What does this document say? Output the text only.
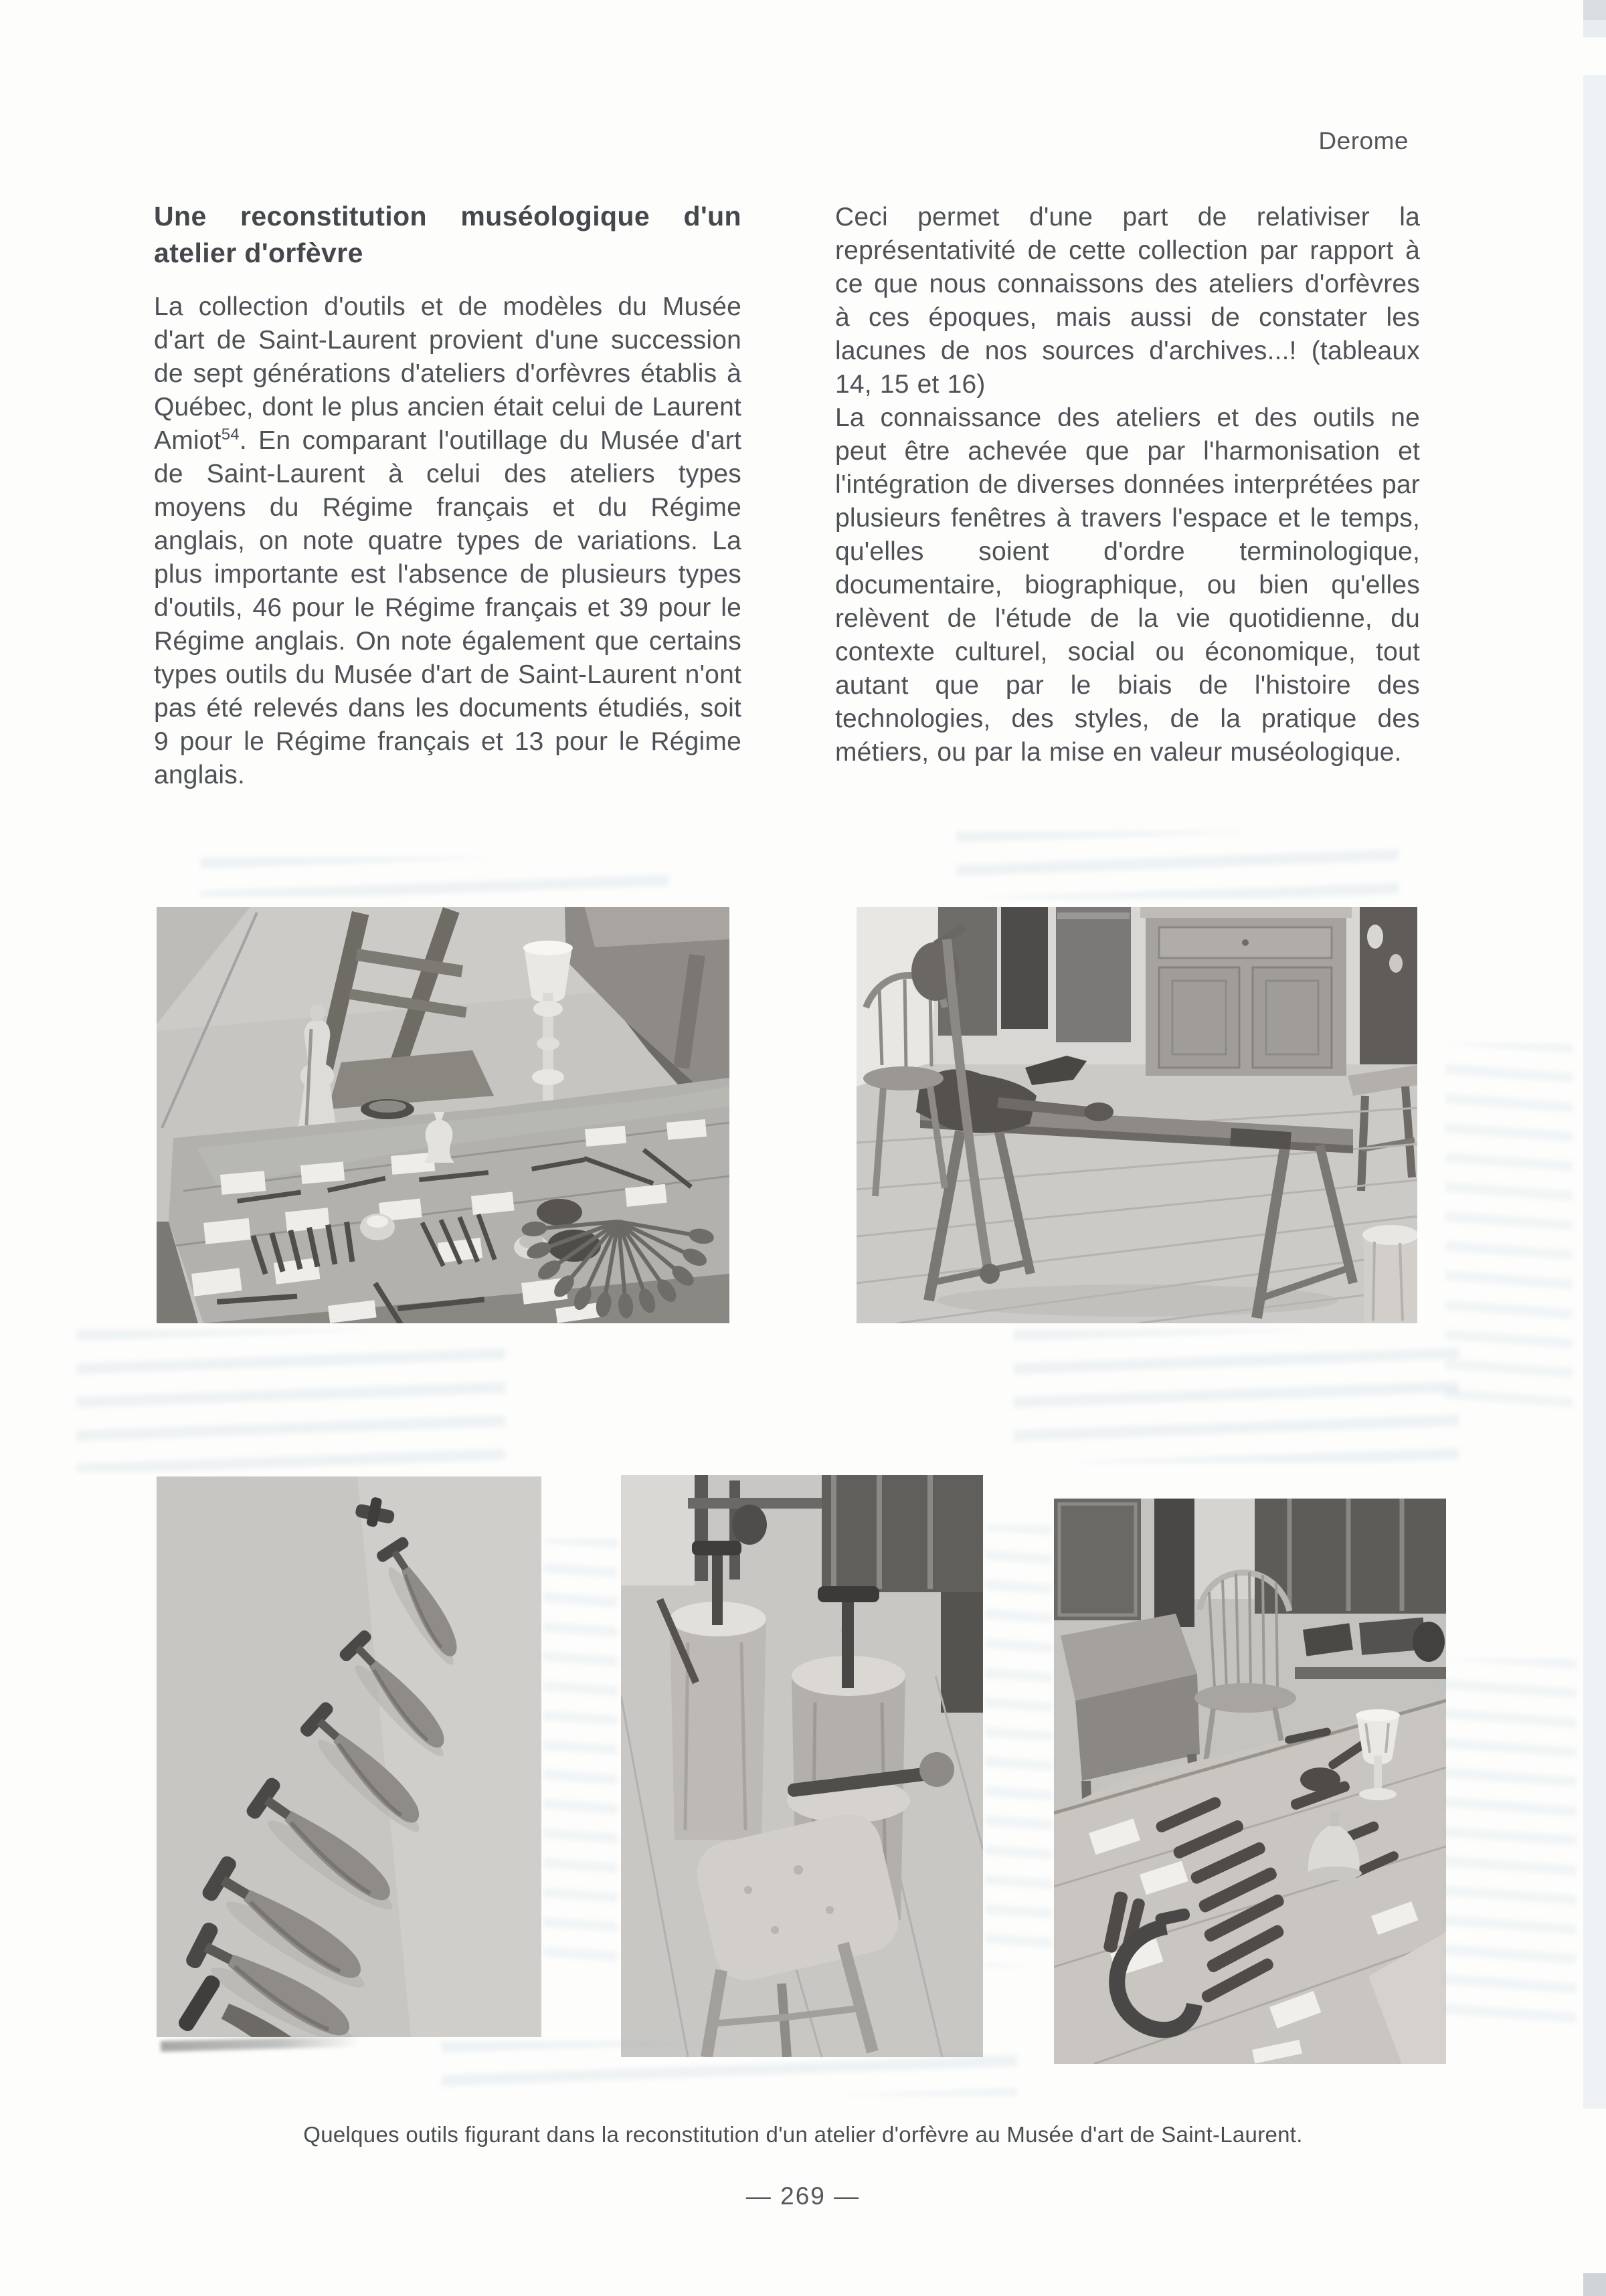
Derome
Une reconstitution muséologique d'un atelier d'orfèvre

La collection d'outils et de modèles du Musée d'art de Saint-Laurent provient d'une succession de sept générations d'ateliers d'orfèvres établis à Québec, dont le plus ancien était celui de Laurent Amiot$^{54}$. En comparant l'outillage du Musée d'art de Saint-Laurent à celui des ateliers types moyens du Régime français et du Régime anglais, on note quatre types de variations. La plus importante est l'absence de plusieurs types d'outils, 46 pour le Régime français et 39 pour le Régime anglais. On note également que certains types outils du Musée d'art de Saint-Laurent n'ont pas été relevés dans les documents étudiés, soit 9 pour le Régime français et 13 pour le Régime anglais.

Ceci permet d'une part de relativiser la représentativité de cette collection par rapport à ce que nous connaissons des ateliers d'orfèvres à ces époques, mais aussi de constater les lacunes de nos sources d'archives...! (tableaux 14, 15 et 16)

La connaissance des ateliers et des outils ne peut être achevée que par l'harmonisation et l'intégration de diverses données interprétées par plusieurs fenêtres à travers l'espace et le temps, qu'elles soient d'ordre terminologique, documentaire, biographique, ou bien qu'elles relèvent de l'étude de la vie quotidienne, du contexte culturel, social ou économique, tout autant que par le biais de l'histoire des technologies, des styles, de la pratique des métiers, ou par la mise en valeur muséologique.

Quelques outils figurant dans la reconstitution d'un atelier d'orfèvre au Musée d'art de Saint-Laurent.
— 269 —
